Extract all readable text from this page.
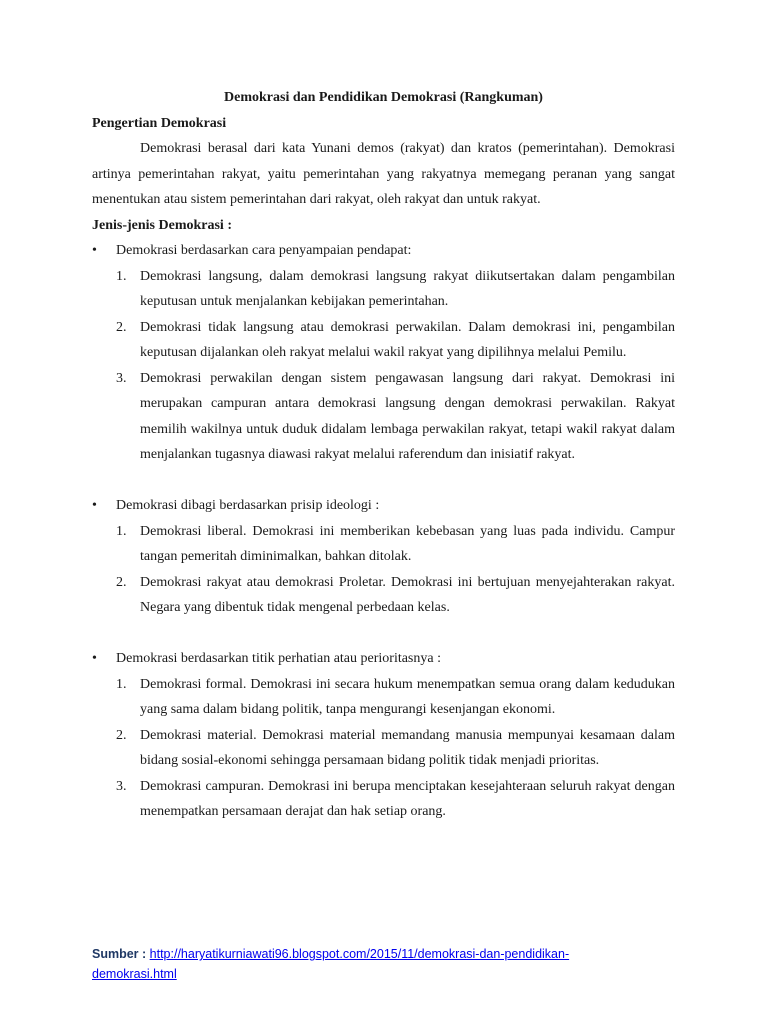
Demokrasi dan Pendidikan Demokrasi (Rangkuman)

Pengertian Demokrasi

Demokrasi berasal dari kata Yunani demos (rakyat) dan kratos (pemerintahan). Demokrasi artinya pemerintahan rakyat, yaitu pemerintahan yang rakyatnya memegang peranan yang sangat menentukan atau sistem pemerintahan dari rakyat, oleh rakyat dan untuk rakyat.

Jenis-jenis Demokrasi :

•	Demokrasi berdasarkan cara penyampaian pendapat:

1. Demokrasi langsung, dalam demokrasi langsung rakyat diikutsertakan dalam pengambilan keputusan untuk menjalankan kebijakan pemerintahan.
2. Demokrasi tidak langsung atau demokrasi perwakilan. Dalam demokrasi ini, pengambilan keputusan dijalankan oleh rakyat melalui wakil rakyat yang dipilihnya melalui Pemilu.
3. Demokrasi perwakilan dengan sistem pengawasan langsung dari rakyat. Demokrasi ini merupakan campuran antara demokrasi langsung dengan demokrasi perwakilan. Rakyat memilih wakilnya untuk duduk didalam lembaga perwakilan rakyat, tetapi wakil rakyat dalam menjalankan tugasnya diawasi rakyat melalui raferendum dan inisiatif rakyat.

•	Demokrasi dibagi berdasarkan prisip ideologi :

1. Demokrasi liberal. Demokrasi ini memberikan kebebasan yang luas pada individu. Campur tangan pemeritah diminimalkan, bahkan ditolak.
2. Demokrasi rakyat atau demokrasi Proletar. Demokrasi ini bertujuan menyejahterakan rakyat. Negara yang dibentuk tidak mengenal perbedaan kelas.

•	Demokrasi berdasarkan titik perhatian atau perioritasnya :

1. Demokrasi formal. Demokrasi ini secara hukum menempatkan semua orang dalam kedudukan yang sama dalam bidang politik, tanpa mengurangi kesenjangan ekonomi.
2. Demokrasi material. Demokrasi material memandang manusia mempunyai kesamaan dalam bidang sosial-ekonomi sehingga persamaan bidang politik tidak menjadi prioritas.
3. Demokrasi campuran. Demokrasi ini berupa menciptakan kesejahteraan seluruh rakyat dengan menempatkan persamaan derajat dan hak setiap orang.
Sumber : http://haryatikurniawati96.blogspot.com/2015/11/demokrasi-dan-pendidikan-demokrasi.html
